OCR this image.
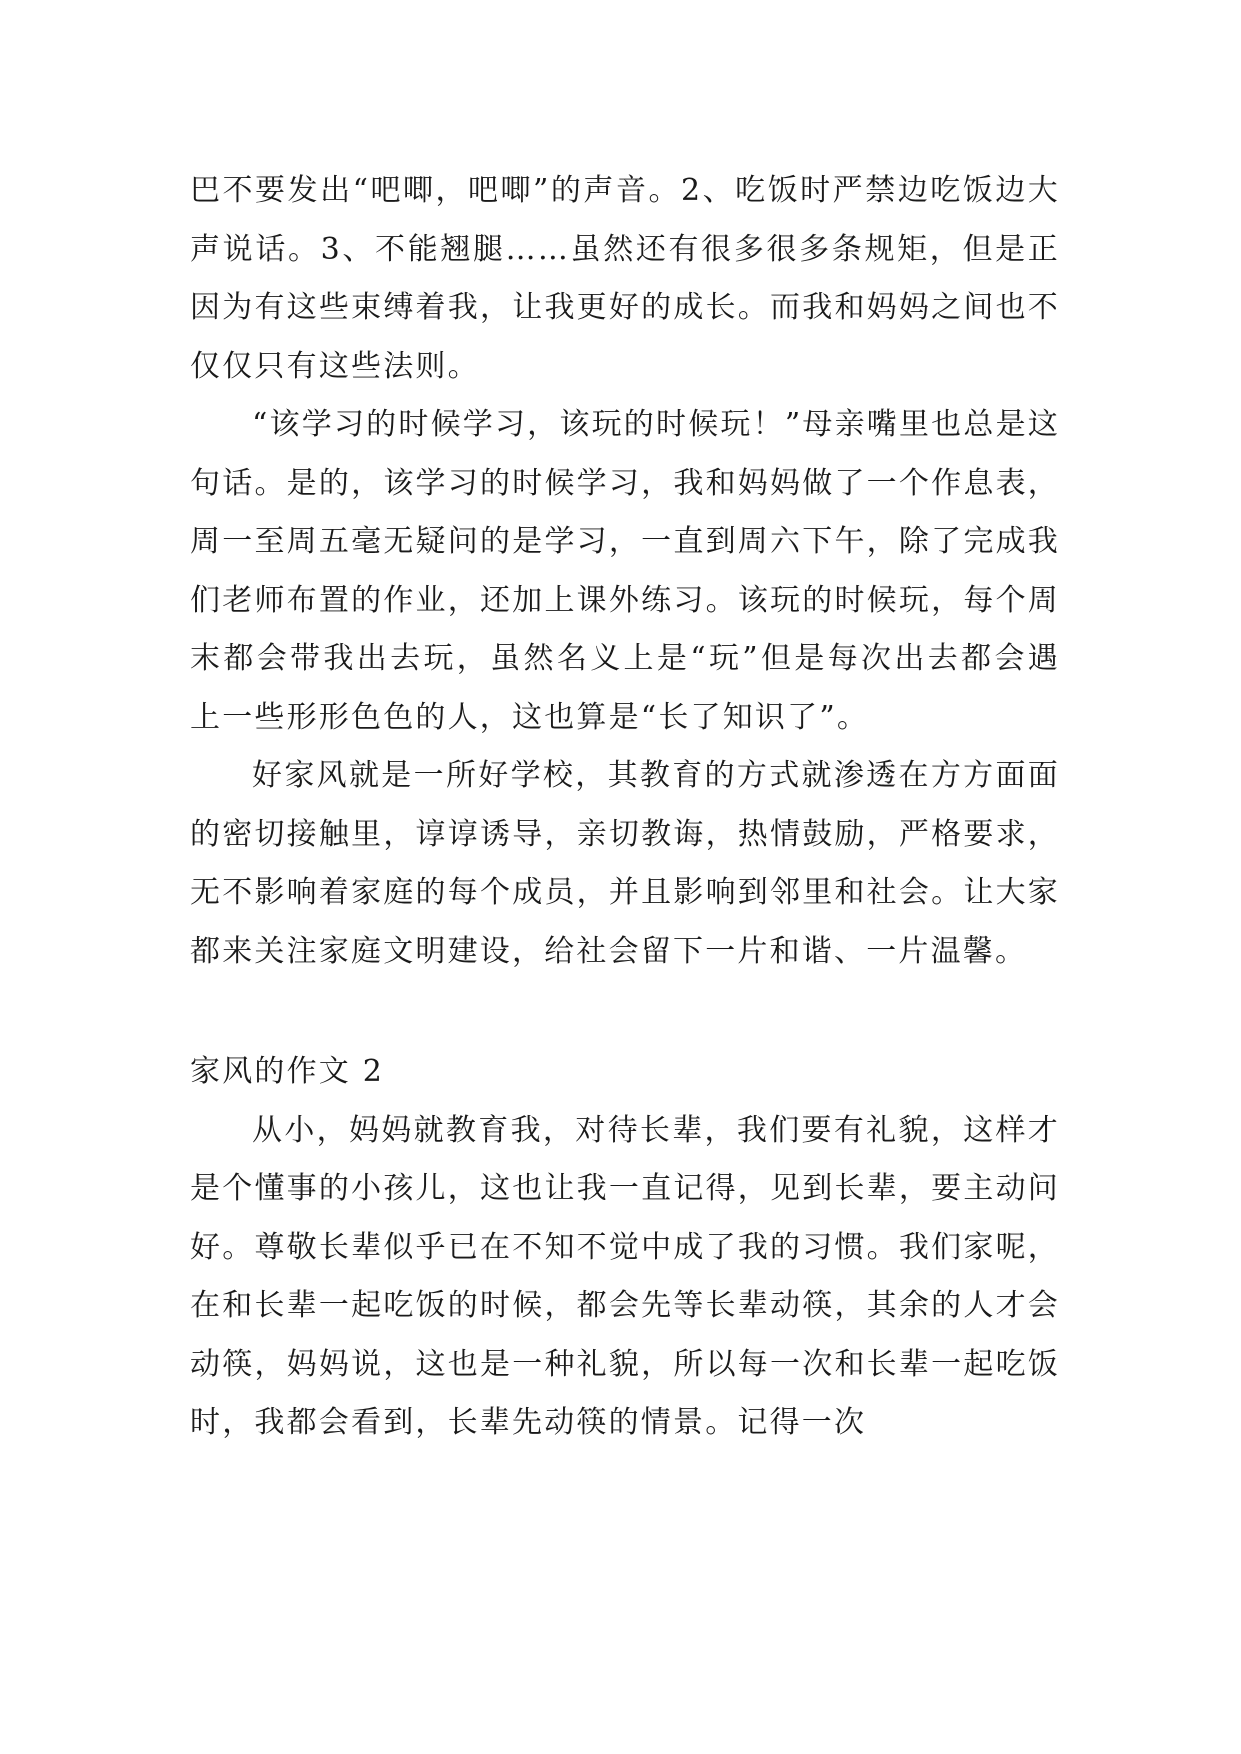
巴不要发出“吧唧，吧唧”的声音。2、吃饭时严禁边吃饭边大声说话。3、不能翘腿……虽然还有很多很多条规矩，但是正因为有这些束缚着我，让我更好的成长。而我和妈妈之间也不仅仅只有这些法则。

“该学习的时候学习，该玩的时候玩！”母亲嘴里也总是这句话。是的，该学习的时候学习，我和妈妈做了一个作息表，周一至周五毫无疑问的是学习，一直到周六下午，除了完成我们老师布置的作业，还加上课外练习。该玩的时候玩，每个周末都会带我出去玩，虽然名义上是“玩”但是每次出去都会遇上一些形形色色的人，这也算是“长了知识了”。

好家风就是一所好学校，其教育的方式就渗透在方方面面的密切接触里，谆谆诱导，亲切教诲，热情鼓励，严格要求，无不影响着家庭的每个成员，并且影响到邻里和社会。让大家都来关注家庭文明建设，给社会留下一片和谐、一片温馨。

家风的作文 2

从小，妈妈就教育我，对待长辈，我们要有礼貌，这样才是个懂事的小孩儿，这也让我一直记得，见到长辈，要主动问好。尊敬长辈似乎已在不知不觉中成了我的习惯。我们家呢，在和长辈一起吃饭的时候，都会先等长辈动筷，其余的人才会动筷，妈妈说，这也是一种礼貌，所以每一次和长辈一起吃饭时，我都会看到，长辈先动筷的情景。记得一次
